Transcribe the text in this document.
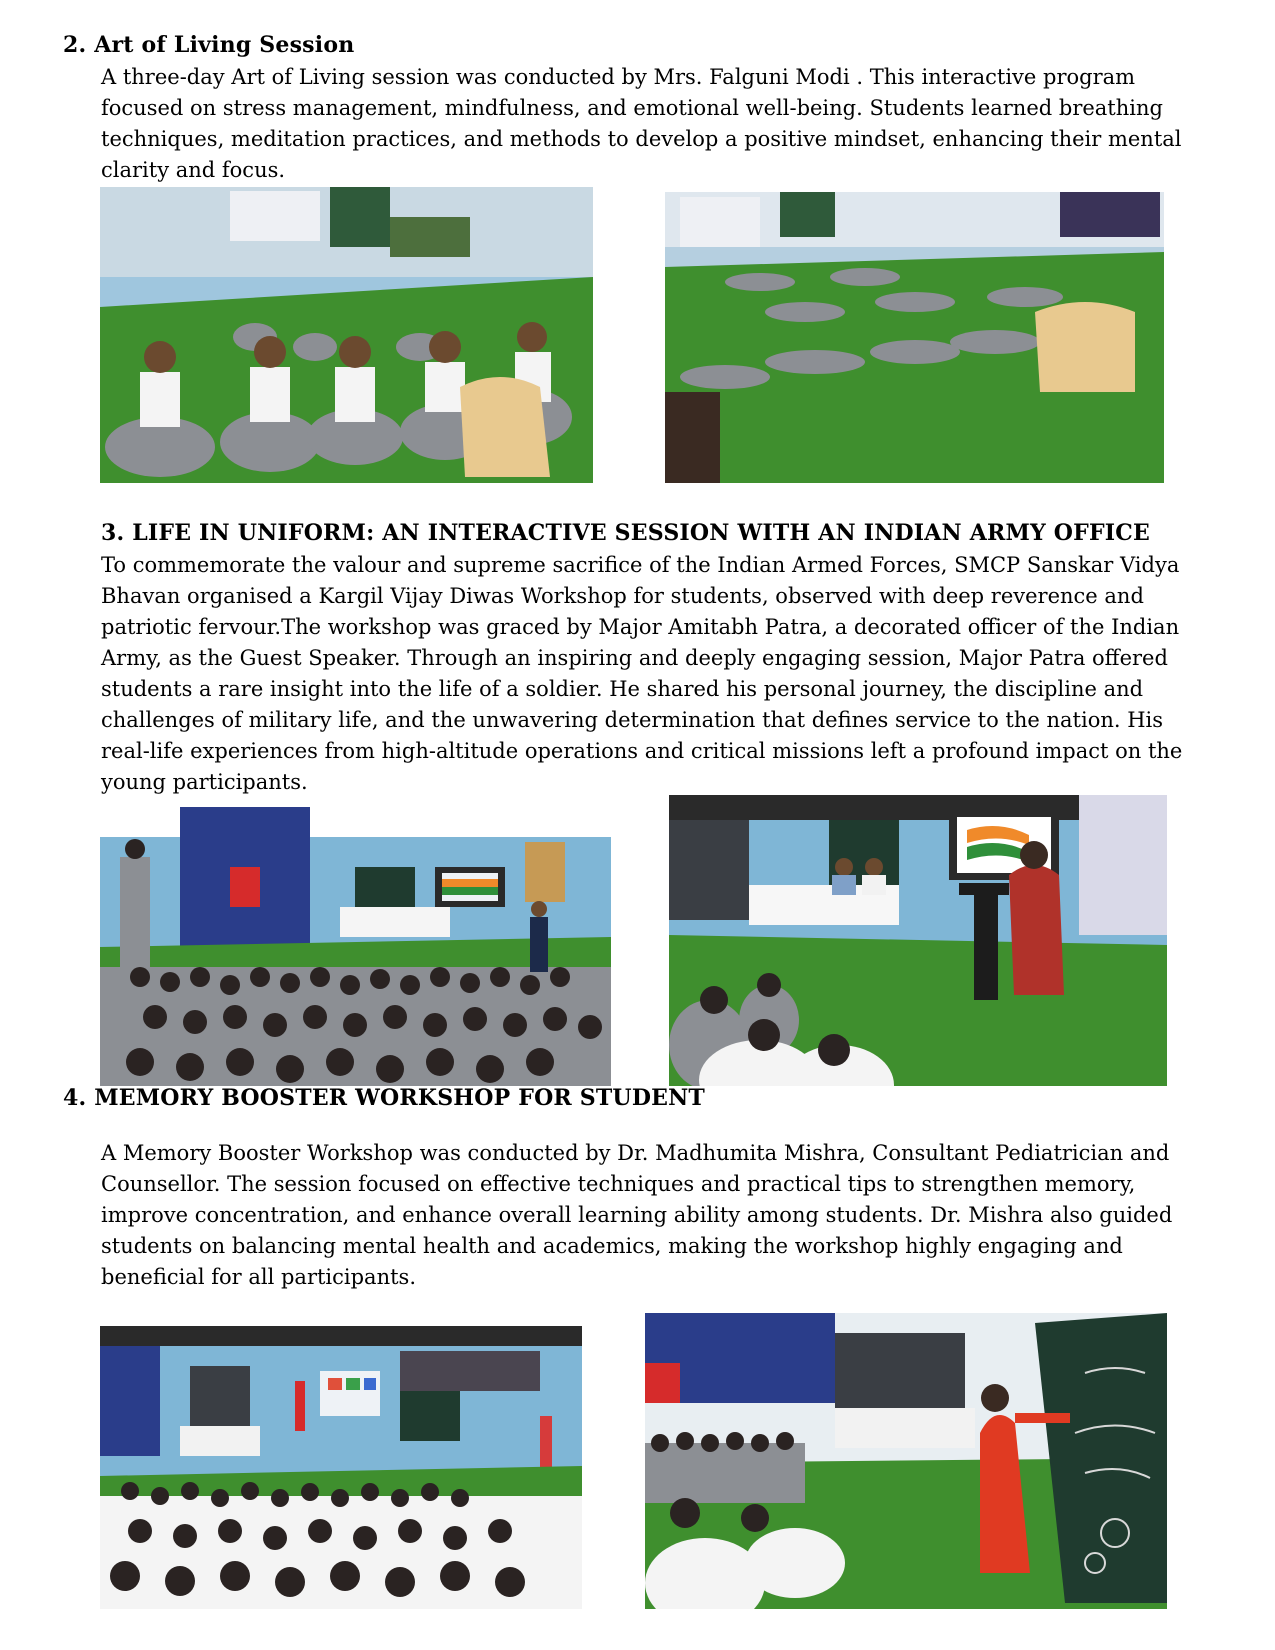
2. Art of Living Session
A three-day Art of Living session was conducted by Mrs. Falguni Modi . This interactive program
focused on stress management, mindfulness, and emotional well-being. Students learned breathing
techniques, meditation practices, and methods to develop a positive mindset, enhancing their mental
clarity and focus.
3. LIFE IN UNIFORM: AN INTERACTIVE SESSION WITH AN INDIAN ARMY OFFICE
To commemorate the valour and supreme sacrifice of the Indian Armed Forces, SMCP Sanskar Vidya
Bhavan organised a Kargil Vijay Diwas Workshop for students, observed with deep reverence and
patriotic fervour.The workshop was graced by Major Amitabh Patra, a decorated officer of the Indian
Army, as the Guest Speaker. Through an inspiring and deeply engaging session, Major Patra offered
students a rare insight into the life of a soldier. He shared his personal journey, the discipline and
challenges of military life, and the unwavering determination that defines service to the nation. His
real-life experiences from high-altitude operations and critical missions left a profound impact on the
young participants.
4. MEMORY BOOSTER WORKSHOP FOR STUDENT
A Memory Booster Workshop was conducted by Dr. Madhumita Mishra, Consultant Pediatrician and
Counsellor. The session focused on effective techniques and practical tips to strengthen memory,
improve concentration, and enhance overall learning ability among students. Dr. Mishra also guided
students on balancing mental health and academics, making the workshop highly engaging and
beneficial for all participants.
